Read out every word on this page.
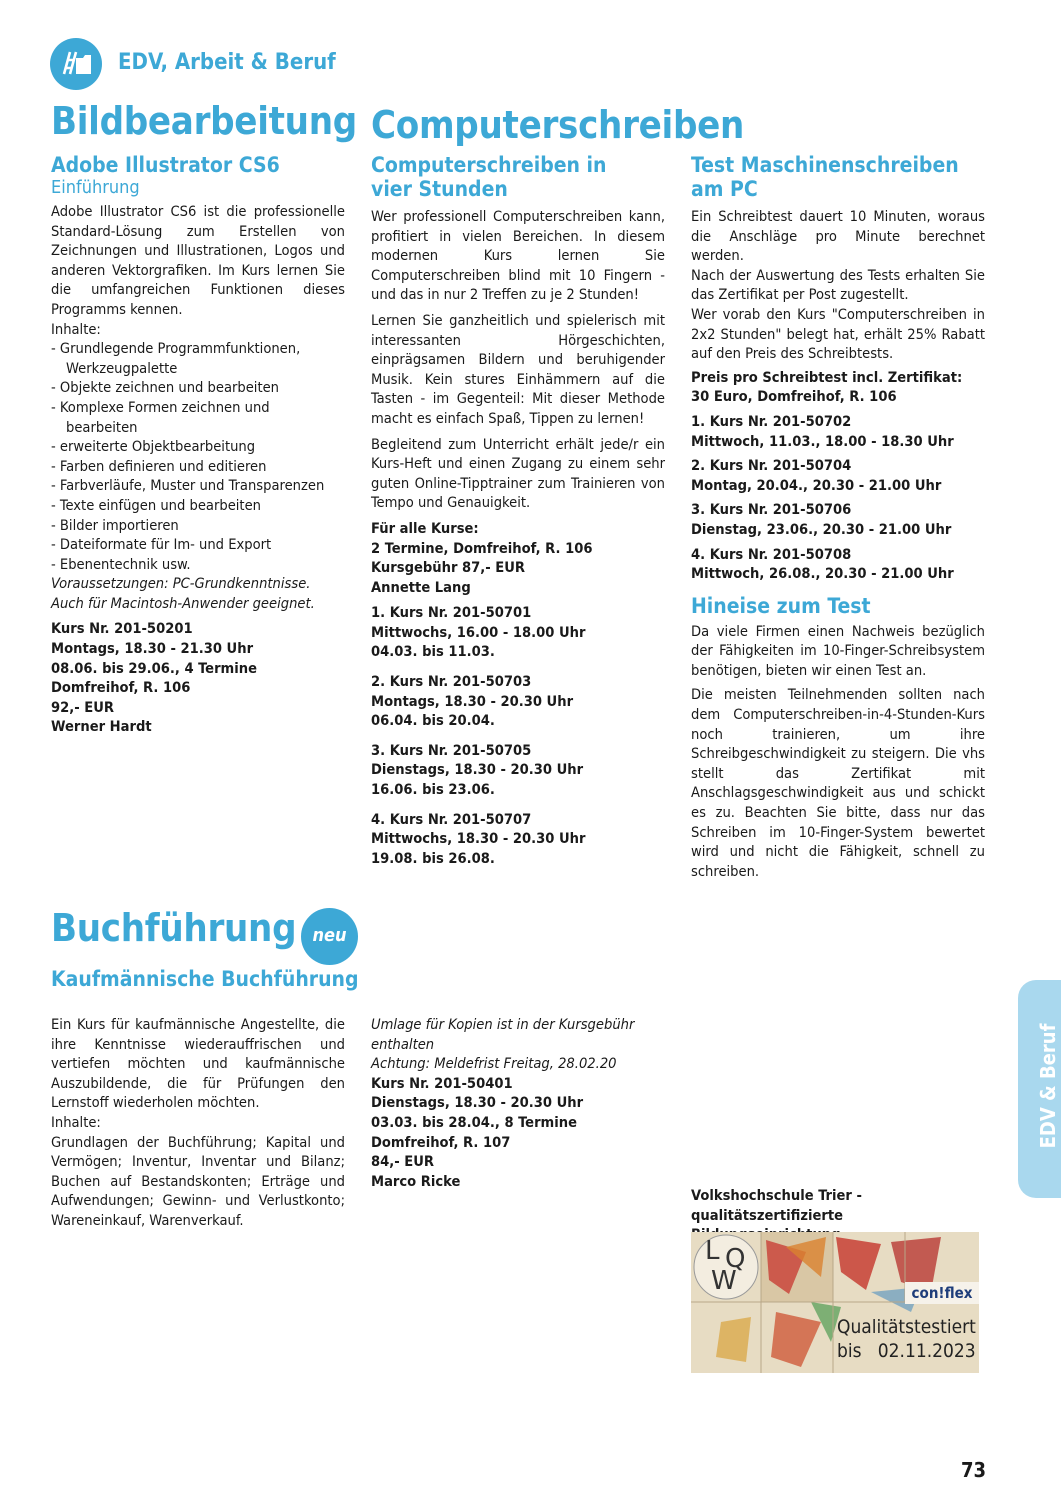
EDV, Arbeit & Beruf
Bildbearbeitung
Adobe Illustrator CS6
Einführung

Adobe Illustrator CS6 ist die professionelle Standard-Lösung zum Erstellen von Zeichnungen und Illustrationen, Logos und anderen Vektorgrafiken. Im Kurs lernen Sie die umfangreichen Funktionen dieses Programms kennen.

Inhalte:

- Grundlegende Programmfunktionen, Werkzeugpalette
- Objekte zeichnen und bearbeiten
- Komplexe Formen zeichnen und bearbeiten
- erweiterte Objektbearbeitung
- Farben definieren und editieren
- Farbverläufe, Muster und Transparenzen
- Texte einfügen und bearbeiten
- Bilder importieren
- Dateiformate für Im- und Export
- Ebenentechnik usw.

Voraussetzungen: PC-Grundkenntnisse. Auch für Macintosh-Anwender geeignet.

Kurs Nr. 201-50201
Montags, 18.30 - 21.30 Uhr
08.06. bis 29.06., 4 Termine
Domfreihof, R. 106
92,- EUR
Werner Hardt
Computerschreiben
Computerschreiben in vier Stunden

Wer professionell Computerschreiben kann, profitiert in vielen Bereichen. In diesem modernen Kurs lernen Sie Computerschreiben blind mit 10 Fingern - und das in nur 2 Treffen zu je 2 Stunden!

Lernen Sie ganzheitlich und spielerisch mit interessanten Hörgeschichten, einprägsamen Bildern und beruhigender Musik. Kein stures Einhämmern auf die Tasten - im Gegenteil: Mit dieser Methode macht es einfach Spaß, Tippen zu lernen!

Begleitend zum Unterricht erhält jede/r ein Kurs-Heft und einen Zugang zu einem sehr guten Online-Tipptrainer zum Trainieren von Tempo und Genauigkeit.

Für alle Kurse:
2 Termine, Domfreihof, R. 106
Kursgebühr 87,- EUR
Annette Lang
1. Kurs Nr. 201-50701
Mittwochs, 16.00 - 18.00 Uhr
04.03. bis 11.03.
2. Kurs Nr. 201-50703
Montags, 18.30 - 20.30 Uhr
06.04. bis 20.04.
3. Kurs Nr. 201-50705
Dienstags, 18.30 - 20.30 Uhr
16.06. bis 23.06.
4. Kurs Nr. 201-50707
Mittwochs, 18.30 - 20.30 Uhr
19.08. bis 26.08.
Test Maschinenschreiben am PC

Ein Schreibtest dauert 10 Minuten, woraus die Anschläge pro Minute berechnet werden.

Nach der Auswertung des Tests erhalten Sie das Zertifikat per Post zugestellt.

Wer vorab den Kurs "Computerschreiben in 2x2 Stunden" belegt hat, erhält 25% Rabatt auf den Preis des Schreibtests.

Preis pro Schreibtest incl. Zertifikat:
30 Euro, Domfreihof, R. 106
1. Kurs Nr. 201-50702
Mittwoch, 11.03., 18.00 - 18.30 Uhr
2. Kurs Nr. 201-50704
Montag, 20.04., 20.30 - 21.00 Uhr
3. Kurs Nr. 201-50706
Dienstag, 23.06., 20.30 - 21.00 Uhr
4. Kurs Nr. 201-50708
Mittwoch, 26.08., 20.30 - 21.00 Uhr
Hineise zum Test

Da viele Firmen einen Nachweis bezüglich der Fähigkeiten im 10-Finger-Schreibsystem benötigen, bieten wir einen Test an.

Die meisten Teilnehmenden sollten nach dem Computerschreiben-in-4-Stunden-Kurs noch trainieren, um ihre Schreibgeschwindigkeit zu steigern. Die vhs stellt das Zertifikat mit Anschlagsgeschwindigkeit aus und schickt es zu. Beachten Sie bitte, dass nur das Schreiben im 10-Finger-System bewertet wird und nicht die Fähigkeit, schnell zu schreiben.

Buchführung neu
Kaufmännische Buchführung

Ein Kurs für kaufmännische Angestellte, die ihre Kenntnisse wiederauffrischen und vertiefen möchten und kaufmännische Auszubildende, die für Prüfungen den Lernstoff wiederholen möchten.

Inhalte:

Grundlagen der Buchführung; Kapital und Vermögen; Inventur, Inventar und Bilanz; Buchen auf Bestandskonten; Erträge und Aufwendungen; Gewinn- und Verlustkonto; Wareneinkauf, Warenverkauf.

Umlage für Kopien ist in der Kursgebühr enthalten

Achtung: Meldefrist Freitag, 28.02.20

Kurs Nr. 201-50401
Dienstags, 18.30 - 20.30 Uhr
03.03. bis 28.04., 8 Termine
Domfreihof, R. 107
84,- EUR
Marco Ricke
Volkshochschule Trier - qualitätszertifizierte
L Q
W	con!flex
Qualitätstestiert
bis   02.11.2023
EDV & Beruf
73
